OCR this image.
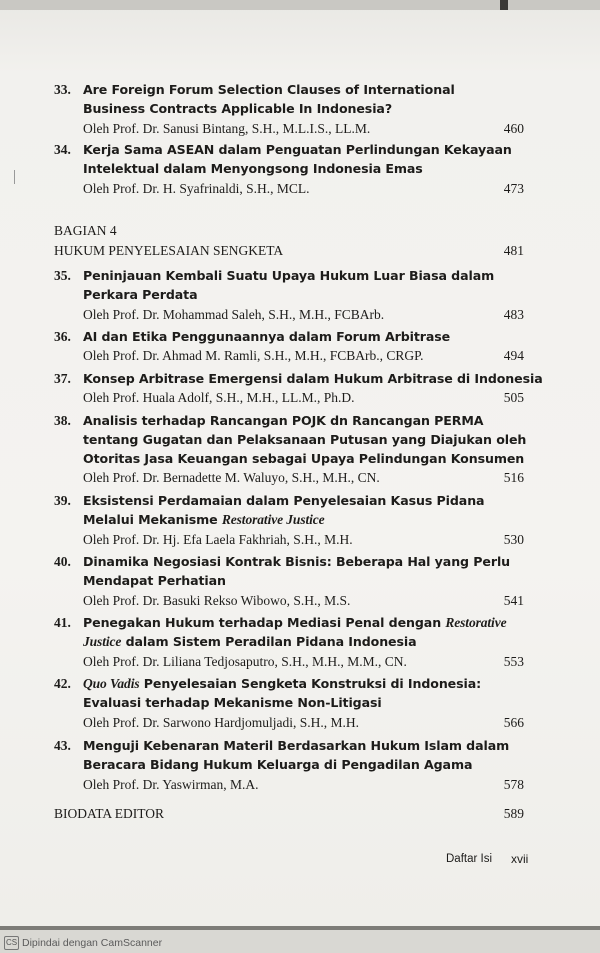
33. Are Foreign Forum Selection Clauses of International
Business Contracts Applicable In Indonesia?
Oleh Prof. Dr. Sanusi Bintang, S.H., M.L.I.S., LL.M.	460
34. Kerja Sama ASEAN dalam Penguatan Perlindungan Kekayaan
Intelektual dalam Menyongsong Indonesia Emas
Oleh Prof. Dr. H. Syafrinaldi, S.H., MCL.	473
BAGIAN 4
HUKUM PENYELESAIAN SENGKETA	481
35. Peninjauan Kembali Suatu Upaya Hukum Luar Biasa dalam
Perkara Perdata
Oleh Prof. Dr. Mohammad Saleh, S.H., M.H., FCBArb.	483
36. AI dan Etika Penggunaannya dalam Forum Arbitrase
Oleh Prof. Dr. Ahmad M. Ramli, S.H., M.H., FCBArb., CRGP.	494
37. Konsep Arbitrase Emergensi dalam Hukum Arbitrase di Indonesia
Oleh Prof. Huala Adolf, S.H., M.H., LL.M., Ph.D.	505
38. Analisis terhadap Rancangan POJK dn Rancangan PERMA
tentang Gugatan dan Pelaksanaan Putusan yang Diajukan oleh
Otoritas Jasa Keuangan sebagai Upaya Pelindungan Konsumen
Oleh Prof. Dr. Bernadette M. Waluyo, S.H., M.H., CN.	516
39. Eksistensi Perdamaian dalam Penyelesaian Kasus Pidana
Melalui Mekanisme Restorative Justice
Oleh Prof. Dr. Hj. Efa Laela Fakhriah, S.H., M.H.	530
40. Dinamika Negosiasi Kontrak Bisnis: Beberapa Hal yang Perlu
Mendapat Perhatian
Oleh Prof. Dr. Basuki Rekso Wibowo, S.H., M.S.	541
41. Penegakan Hukum terhadap Mediasi Penal dengan Restorative
Justice dalam Sistem Peradilan Pidana Indonesia
Oleh Prof. Dr. Liliana Tedjosaputro, S.H., M.H., M.M., CN.	553
42. Quo Vadis Penyelesaian Sengketa Konstruksi di Indonesia:
Evaluasi terhadap Mekanisme Non-Litigasi
Oleh Prof. Dr. Sarwono Hardjomuljadi, S.H., M.H.	566
43. Menguji Kebenaran Materil Berdasarkan Hukum Islam dalam
Beracara Bidang Hukum Keluarga di Pengadilan Agama
Oleh Prof. Dr. Yaswirman, M.A.	578
BIODATA EDITOR	589
Daftar Isi xvii
CS Dipindai dengan CamScanner
